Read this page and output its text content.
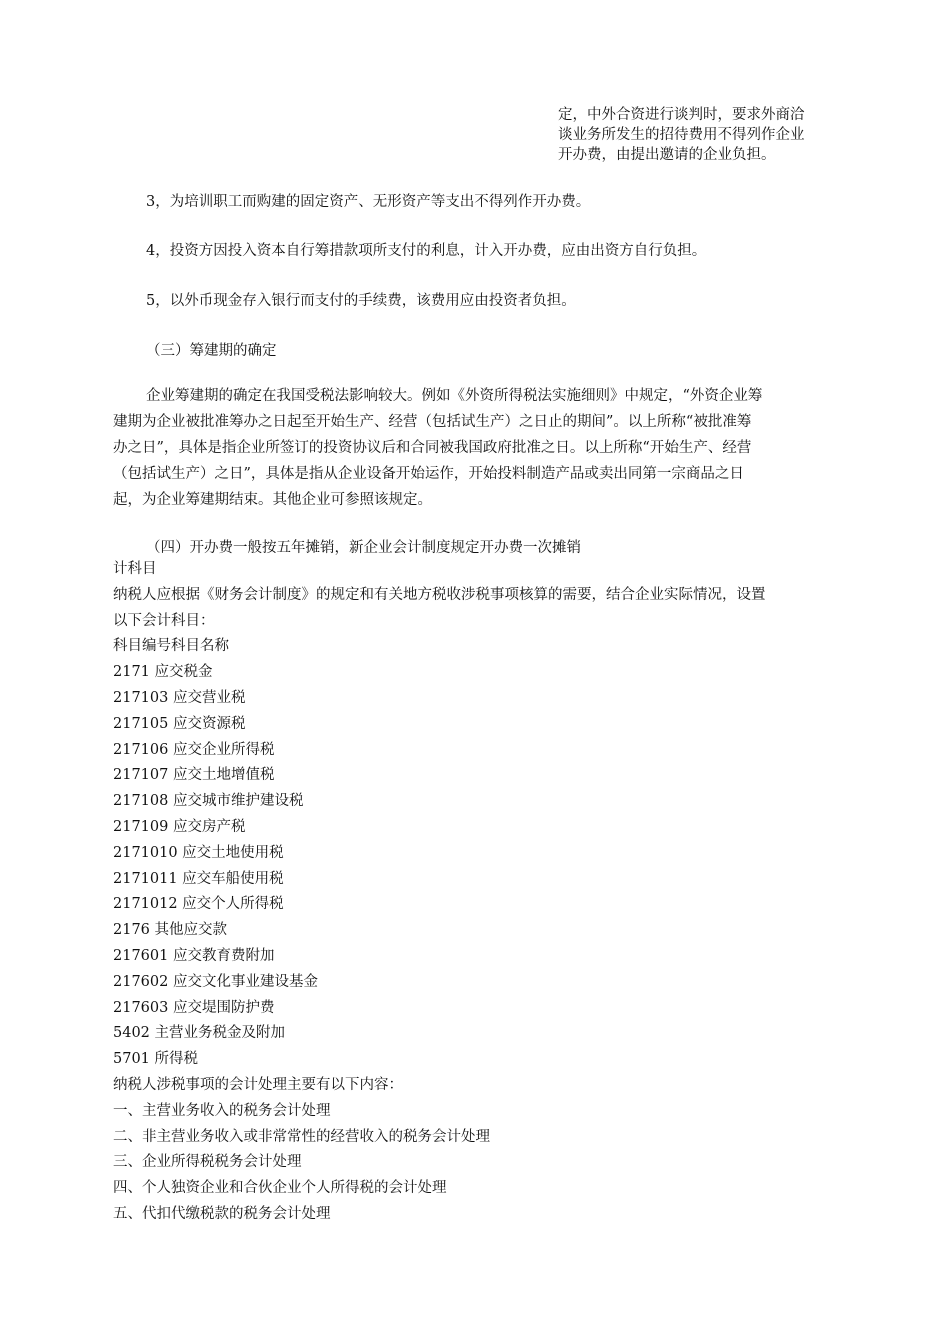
定，中外合资进行谈判时，要求外商洽
谈业务所发生的招待费用不得列作企业
开办费，由提出邀请的企业负担。
3，为培训职工而购建的固定资产、无形资产等支出不得列作开办费。
4，投资方因投入资本自行筹措款项所支付的利息，计入开办费，应由出资方自行负担。
5，以外币现金存入银行而支付的手续费，该费用应由投资者负担。
（三）筹建期的确定
企业筹建期的确定在我国受税法影响较大。例如《外资所得税法实施细则》中规定，“外资企业筹
建期为企业被批准筹办之日起至开始生产、经营（包括试生产）之日止的期间”。以上所称“被批准筹
办之日”，具体是指企业所签订的投资协议后和合同被我国政府批准之日。以上所称“开始生产、经营
（包括试生产）之日”，具体是指从企业设备开始运作，开始投料制造产品或卖出同第一宗商品之日
起，为企业筹建期结束。其他企业可参照该规定。
（四）开办费一般按五年摊销，新企业会计制度规定开办费一次摊销
计科目
纳税人应根据《财务会计制度》的规定和有关地方税收涉税事项核算的需要，结合企业实际情况，设置
以下会计科目：
科目编号科目名称
2171 应交税金
217103 应交营业税
217105 应交资源税
217106 应交企业所得税
217107 应交土地增值税
217108 应交城市维护建设税
217109 应交房产税
2171010 应交土地使用税
2171011 应交车船使用税
2171012 应交个人所得税
2176 其他应交款
217601 应交教育费附加
217602 应交文化事业建设基金
217603 应交堤围防护费
5402 主营业务税金及附加
5701 所得税
纳税人涉税事项的会计处理主要有以下内容：
一、主营业务收入的税务会计处理
二、非主营业务收入或非常常性的经营收入的税务会计处理
三、企业所得税税务会计处理
四、个人独资企业和合伙企业个人所得税的会计处理
五、代扣代缴税款的税务会计处理
